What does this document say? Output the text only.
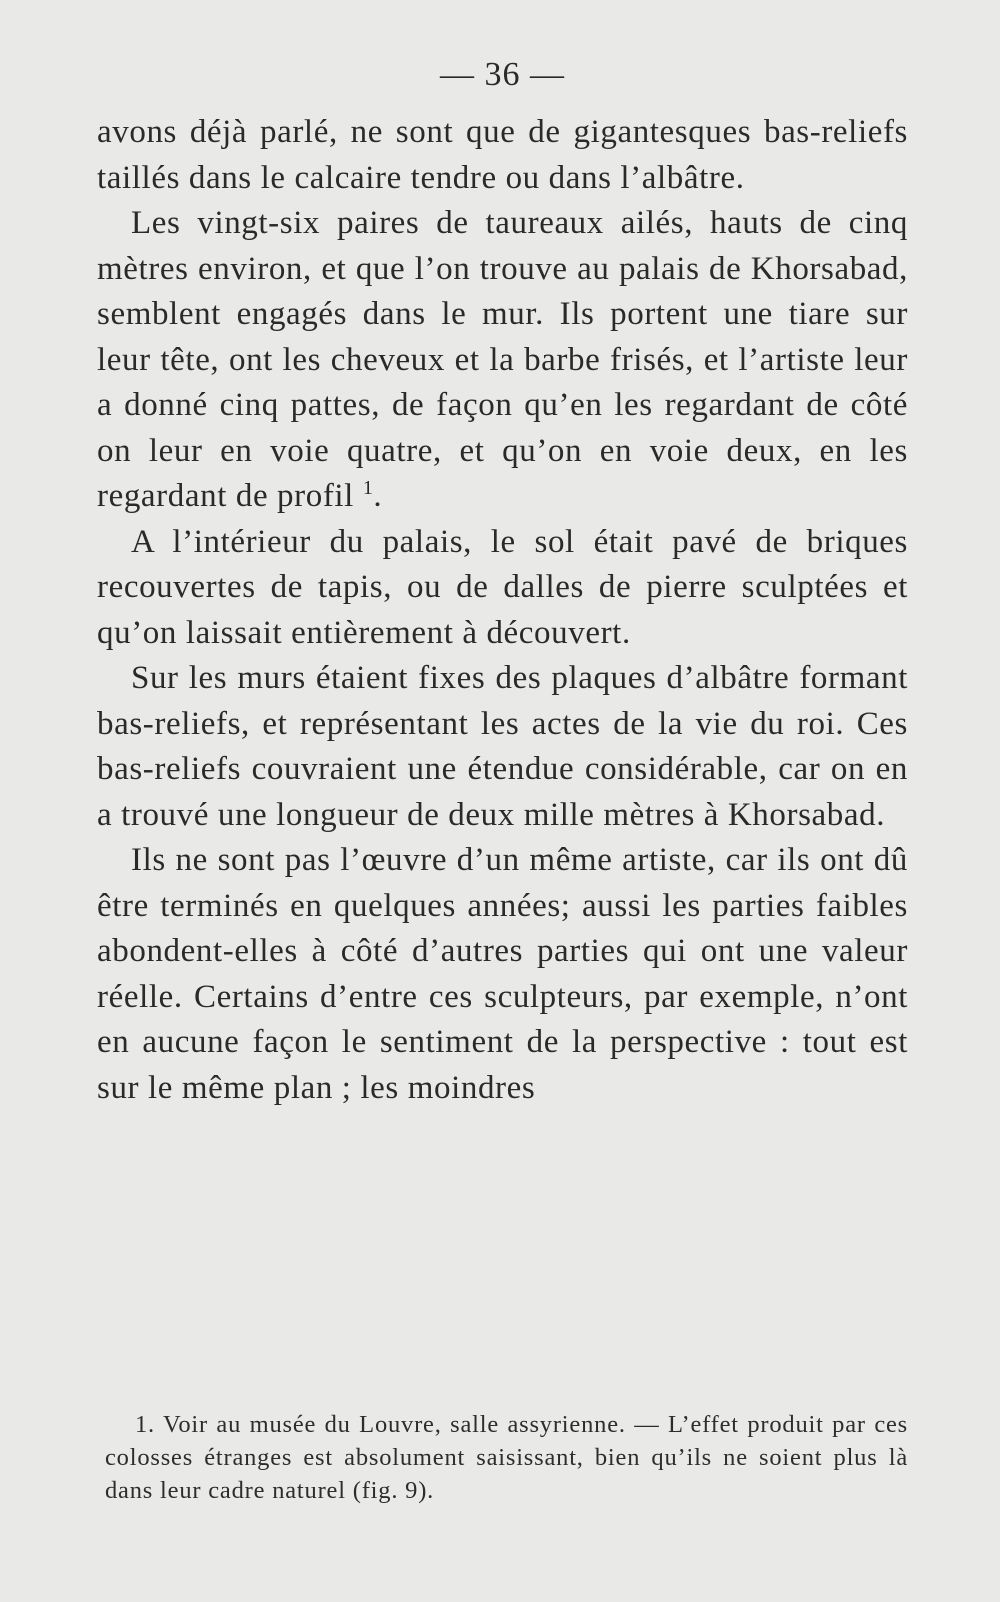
— 36 —

avons déjà parlé, ne sont que de gigantesques bas-reliefs taillés dans le calcaire tendre ou dans l’albâtre.

Les vingt-six paires de taureaux ailés, hauts de cinq mètres environ, et que l’on trouve au palais de Khorsabad, semblent engagés dans le mur. Ils portent une tiare sur leur tête, ont les cheveux et la barbe frisés, et l’artiste leur a donné cinq pattes, de façon qu’en les regardant de côté on leur en voie quatre, et qu’on en voie deux, en les regardant de profil $^1$.

A l’intérieur du palais, le sol était pavé de briques recouvertes de tapis, ou de dalles de pierre sculptées et qu’on laissait entièrement à découvert.

Sur les murs étaient fixes des plaques d’albâtre formant bas-reliefs, et représentant les actes de la vie du roi. Ces bas-reliefs couvraient une étendue considérable, car on en a trouvé une longueur de deux mille mètres à Khorsabad.

Ils ne sont pas l’œuvre d’un même artiste, car ils ont dû être terminés en quelques années; aussi les parties faibles abondent-elles à côté d’autres parties qui ont une valeur réelle. Certains d’entre ces sculpteurs, par exemple, n’ont en aucune façon le sentiment de la perspective : tout est sur le même plan ; les moindres

1. Voir au musée du Louvre, salle assyrienne. — L’effet produit par ces colosses étranges est absolument saisissant, bien qu’ils ne soient plus là dans leur cadre naturel (fig. 9).
